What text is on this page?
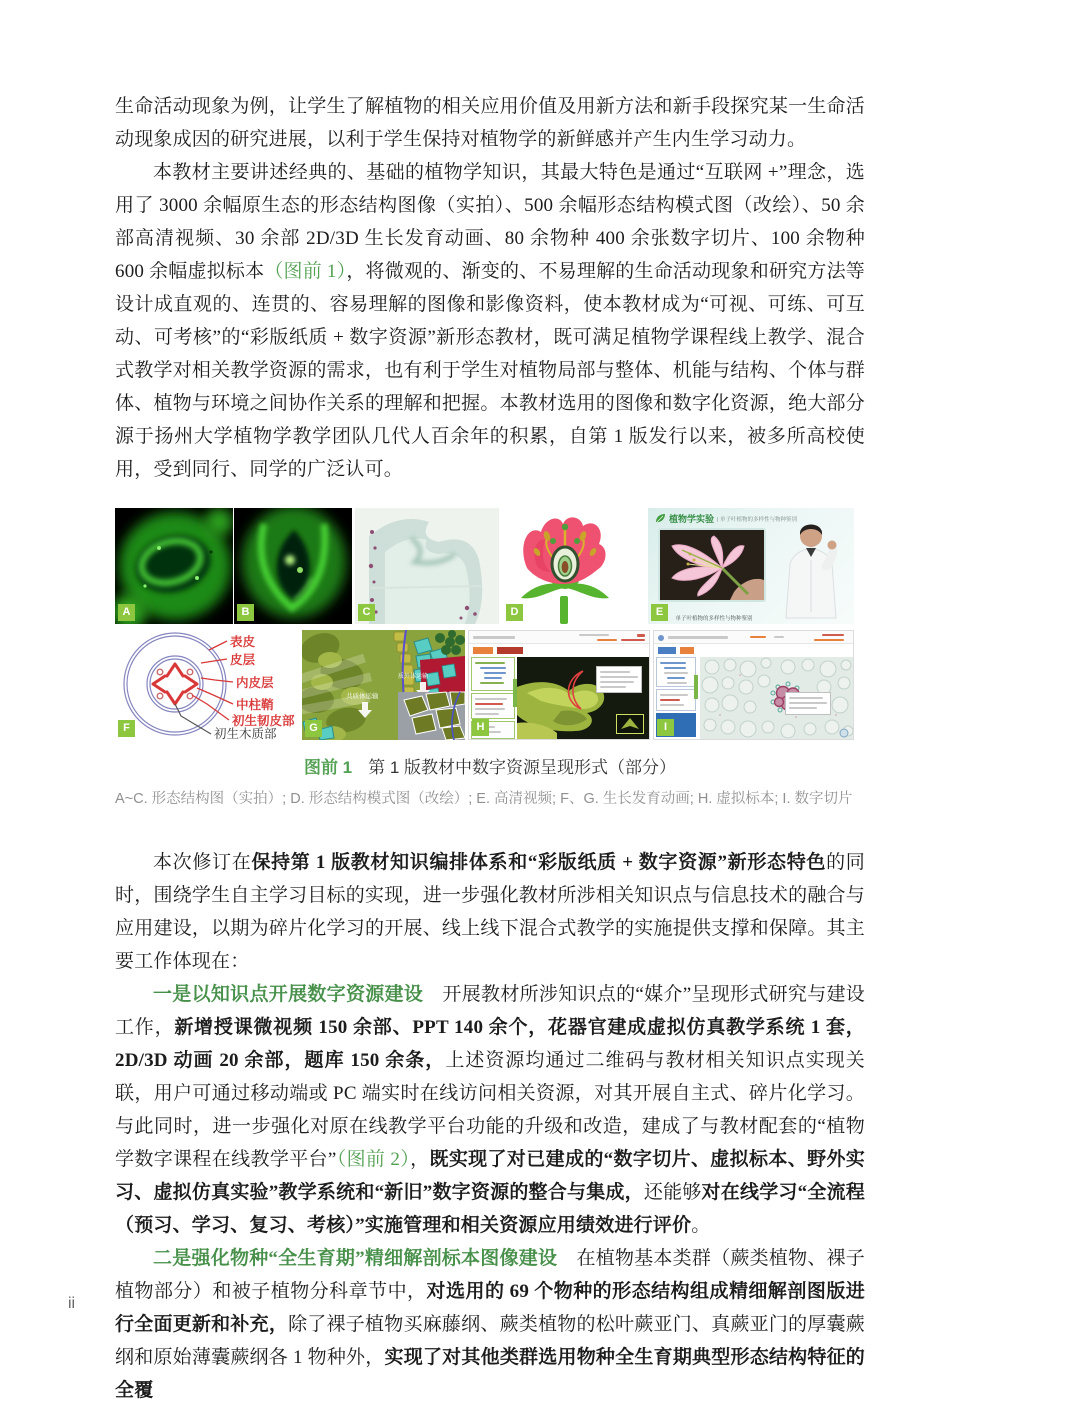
生命活动现象为例，让学生了解植物的相关应用价值及用新方法和新手段探究某一生命活动现象成因的研究进展，以利于学生保持对植物学的新鲜感并产生内生学习动力。

本教材主要讲述经典的、基础的植物学知识，其最大特色是通过“互联网 +”理念，选用了 3000 余幅原生态的形态结构图像（实拍）、500 余幅形态结构模式图（改绘）、50 余部高清视频、30 余部 2D/3D 生长发育动画、80 余物种 400 余张数字切片、100 余物种 600 余幅虚拟标本（图前 1），将微观的、渐变的、不易理解的生命活动现象和研究方法等设计成直观的、连贯的、容易理解的图像和影像资料，使本教材成为“可视、可练、可互动、可考核”的“彩版纸质 + 数字资源”新形态教材，既可满足植物学课程线上教学、混合式教学对相关教学资源的需求，也有利于学生对植物局部与整体、机能与结构、个体与群体、植物与环境之间协作关系的理解和把握。本教材选用的图像和数字化资源，绝大部分源于扬州大学植物学教学团队几代人百余年的积累，自第 1 版发行以来，被多所高校使用，受到同行、同学的广泛认可。

A	B	C	D
植物学实验 | 单子叶植物的多样性与物种鉴别
单子叶植物的多样性与物种鉴别
E
表皮
皮层
内皮层
中柱鞘
初生韧皮部
初生木质部
F
质外体运输
共质体运输
G	H	I
图前 1 第 1 版教材中数字资源呈现形式（部分）
A~C. 形态结构图（实拍）; D. 形态结构模式图（改绘）; E. 高清视频; F、G. 生长发育动画; H. 虚拟标本; I. 数字切片

本次修订在保持第 1 版教材知识编排体系和“彩版纸质 + 数字资源”新形态特色的同时，围绕学生自主学习目标的实现，进一步强化教材所涉相关知识点与信息技术的融合与应用建设，以期为碎片化学习的开展、线上线下混合式教学的实施提供支撑和保障。其主要工作体现在：

一是以知识点开展数字资源建设　开展教材所涉知识点的“媒介”呈现形式研究与建设工作，新增授课微视频 150 余部、PPT 140 余个，花器官建成虚拟仿真教学系统 1 套，2D/3D 动画 20 余部，题库 150 余条，上述资源均通过二维码与教材相关知识点实现关联，用户可通过移动端或 PC 端实时在线访问相关资源，对其开展自主式、碎片化学习。与此同时，进一步强化对原在线教学平台功能的升级和改造，建成了与教材配套的“植物学数字课程在线教学平台”（图前 2），既实现了对已建成的“数字切片、虚拟标本、野外实习、虚拟仿真实验”教学系统和“新旧”数字资源的整合与集成，还能够对在线学习“全流程（预习、学习、复习、考核）”实施管理和相关资源应用绩效进行评价。

二是强化物种“全生育期”精细解剖标本图像建设　在植物基本类群（蕨类植物、裸子植物部分）和被子植物分科章节中，对选用的 69 个物种的形态结构组成精细解剖图版进行全面更新和补充，除了裸子植物买麻藤纲、蕨类植物的松叶蕨亚门、真蕨亚门的厚囊蕨纲和原始薄囊蕨纲各 1 物种外，实现了对其他类群选用物种全生育期典型形态结构特征的全覆

ii
